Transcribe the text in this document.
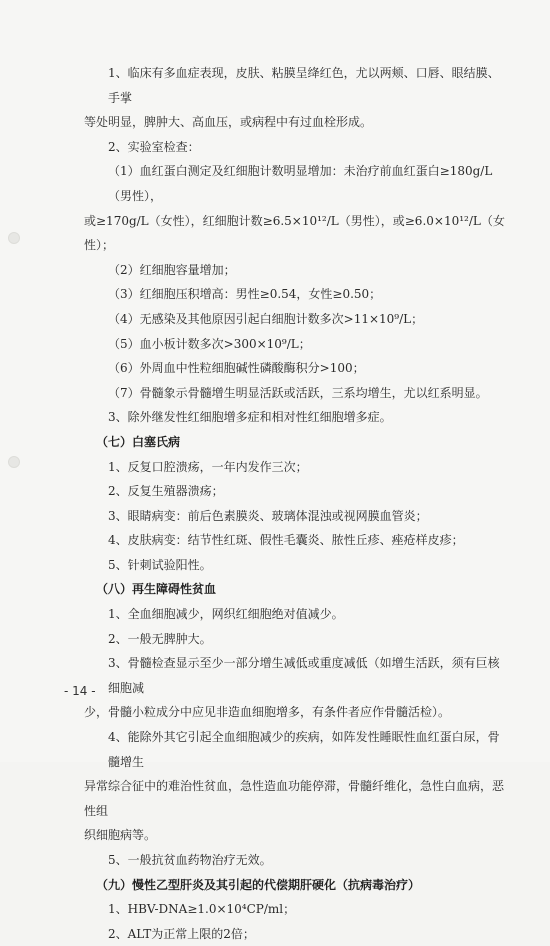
1、临床有多血症表现，皮肤、粘膜呈绛红色，尤以两颊、口唇、眼结膜、手掌

等处明显，脾肿大、高血压，或病程中有过血栓形成。

2、实验室检查：

（1）血红蛋白测定及红细胞计数明显增加：未治疗前血红蛋白≥180g/L（男性），

或≥170g/L（女性），红细胞计数≥6.5×10¹²/L（男性），或≥6.0×10¹²/L（女性）；

（2）红细胞容量增加；

（3）红细胞压积增高：男性≥0.54，女性≥0.50；

（4）无感染及其他原因引起白细胞计数多次>11×10⁹/L；

（5）血小板计数多次>300×10⁹/L；

（6）外周血中性粒细胞碱性磷酸酶积分>100；

（7）骨髓象示骨髓增生明显活跃或活跃，三系均增生，尤以红系明显。

3、除外继发性红细胞增多症和相对性红细胞增多症。

（七）白塞氏病

1、反复口腔溃疡，一年内发作三次；

2、反复生殖器溃疡；

3、眼睛病变：前后色素膜炎、玻璃体混浊或视网膜血管炎；

4、皮肤病变：结节性红斑、假性毛囊炎、脓性丘疹、痤疮样皮疹；

5、针刺试验阳性。

（八）再生障碍性贫血

1、全血细胞减少，网织红细胞绝对值减少。

2、一般无脾肿大。

3、骨髓检查显示至少一部分增生减低或重度减低（如增生活跃，须有巨核细胞减

少，骨髓小粒成分中应见非造血细胞增多，有条件者应作骨髓活检）。

4、能除外其它引起全血细胞减少的疾病，如阵发性睡眠性血红蛋白尿，骨髓增生

异常综合征中的难治性贫血，急性造血功能停滞，骨髓纤维化，急性白血病，恶性组

织细胞病等。

5、一般抗贫血药物治疗无效。

（九）慢性乙型肝炎及其引起的代偿期肝硬化（抗病毒治疗）

1、HBV-DNA≥1.0×10⁴CP/ml；

2、ALT为正常上限的2倍；

- 14 -
